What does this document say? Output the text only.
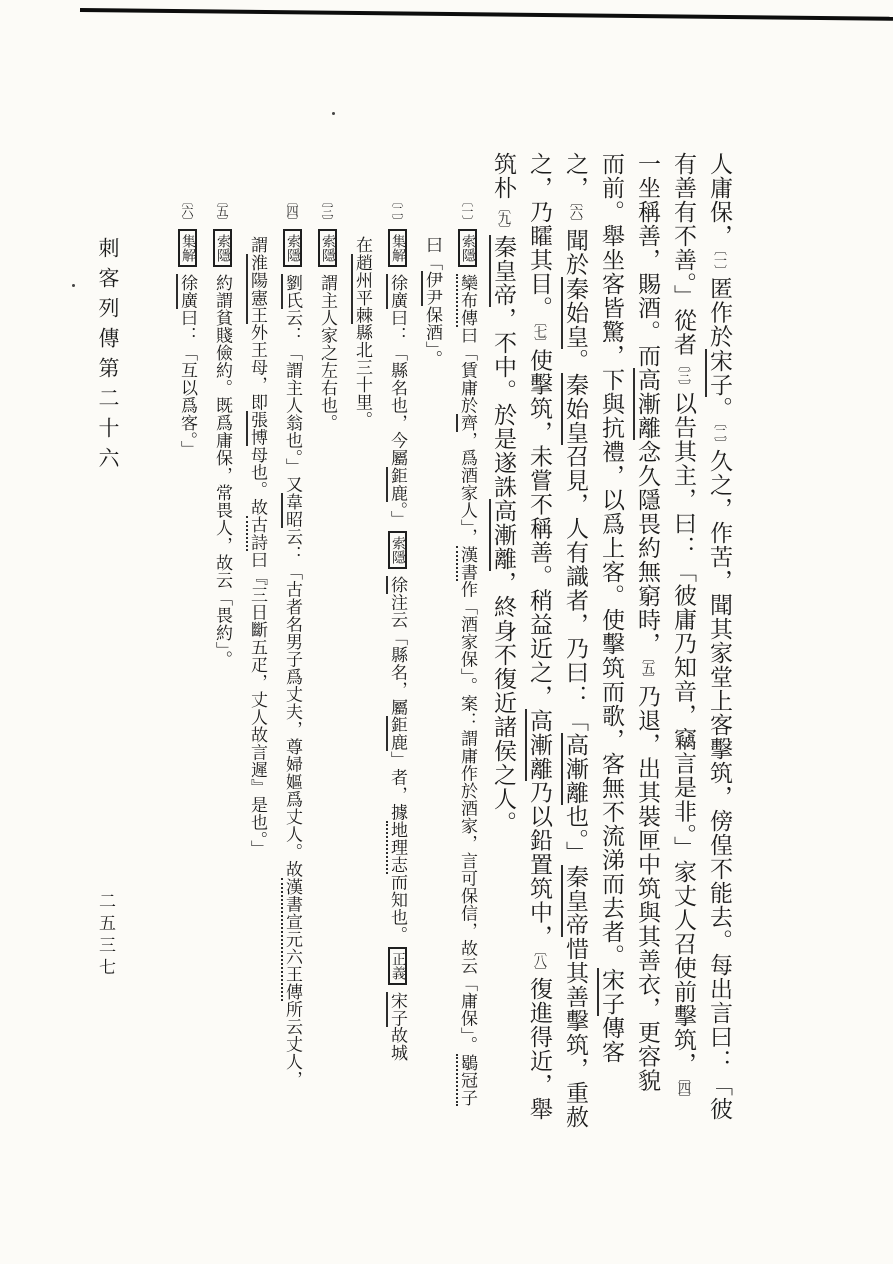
人庸保，〔一〕匿作於宋子。〔二〕久之，作苦，聞其家堂上客擊筑，傍偟不能去。每出言曰：「彼
有善有不善。」從者〔三〕以告其主，曰：「彼庸乃知音，竊言是非。」家丈人召使前擊筑，〔四〕
一坐稱善，賜酒。而高漸離念久隱畏約無窮時，〔五〕乃退，出其裝匣中筑與其善衣，更容貌
而前。舉坐客皆驚，下與抗禮，以爲上客。使擊筑而歌，客無不流涕而去者。宋子傳客
之，〔六〕聞於秦始皇。秦始皇召見，人有識者，乃曰：「高漸離也。」秦皇帝惜其善擊筑，重赦
之，乃矐其目。〔七〕使擊筑，未嘗不稱善。稍益近之，高漸離乃以鉛置筑中，〔八〕復進得近，舉
筑朴〔九〕秦皇帝，不中。於是遂誅高漸離，終身不復近諸侯之人。
〔一〕索隱欒布傳曰「賃庸於齊，爲酒家人」，漢書作「酒家保」。案：謂庸作於酒家，言可保信，故云「庸保」。鶡冠子
曰「伊尹保酒」。
〔二〕集解徐廣曰：「縣名也，今屬鉅鹿。」索隱徐注云「縣名，屬鉅鹿」者，據地理志而知也。正義宋子故城
在趙州平棘縣北三十里。
〔三〕索隱謂主人家之左右也。
〔四〕索隱劉氏云：「謂主人翁也。」又韋昭云：「古者名男子爲丈夫，尊婦嫗爲丈人。故漢書宣元六王傳所云丈人，
謂淮陽憲王外王母，即張博母也。故古詩曰『三日斷五疋，丈人故言遲』是也。」
〔五〕索隱約謂貧賤儉約。既爲庸保，常畏人，故云「畏約」。
〔六〕集解徐廣曰：「互以爲客。」
刺客列傳第二十六
二五三七
